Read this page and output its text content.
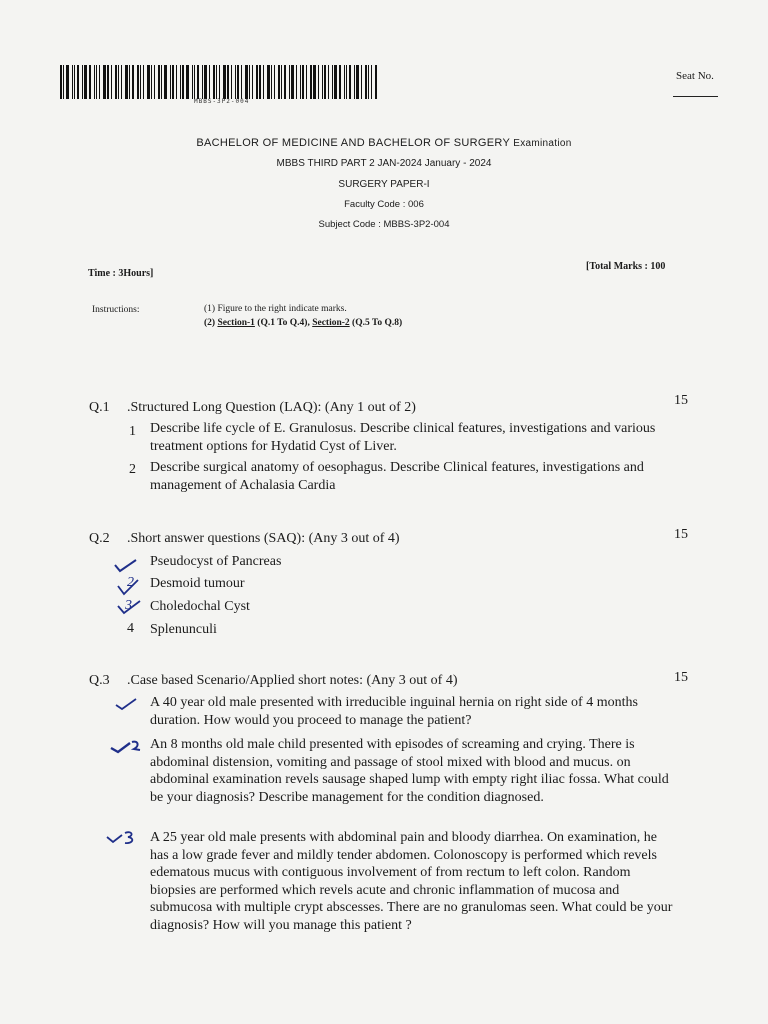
MBBS-3P2-004
Seat No.
BACHELOR OF MEDICINE AND BACHELOR OF SURGERY Examination
MBBS THIRD PART 2 JAN-2024 January - 2024
SURGERY PAPER-I
Faculty Code : 006
Subject Code : MBBS-3P2-004
Time : 3Hours]
[Total Marks : 100
Instructions:	(1) Figure to the right indicate marks.
(2) Section-1 (Q.1 To Q.4), Section-2 (Q.5 To Q.8)
Q.1 .Structured Long Question (LAQ): (Any 1 out of 2)	15
1 Describe life cycle of E. Granulosus. Describe clinical features, investigations and various treatment options for Hydatid Cyst of Liver.
2 Describe surgical anatomy of oesophagus. Describe Clinical features, investigations and management of Achalasia Cardia
Q.2 .Short answer questions (SAQ): (Any 3 out of 4)	15
Pseudocyst of Pancreas
2 Desmoid tumour
3 Choledochal Cyst
4 Splenunculi
Q.3 .Case based Scenario/Applied short notes: (Any 3 out of 4)	15
A 40 year old male presented with irreducible inguinal hernia on right side of 4 months duration. How would you proceed to manage the patient?
An 8 months old male child presented with episodes of screaming and crying. There is abdominal distension, vomiting and passage of stool mixed with blood and mucus. on abdominal examination revels sausage shaped lump with empty right iliac fossa. What could be your diagnosis? Describe management for the condition diagnosed.
A 25 year old male presents with abdominal pain and bloody diarrhea. On examination, he has a low grade fever and mildly tender abdomen. Colonoscopy is performed which revels edematous mucus with contiguous involvement of from rectum to left colon. Random biopsies are performed which revels acute and chronic inflammation of mucosa and submucosa with multiple crypt abscesses. There are no granulomas seen. What could be your diagnosis? How will you manage this patient ?
